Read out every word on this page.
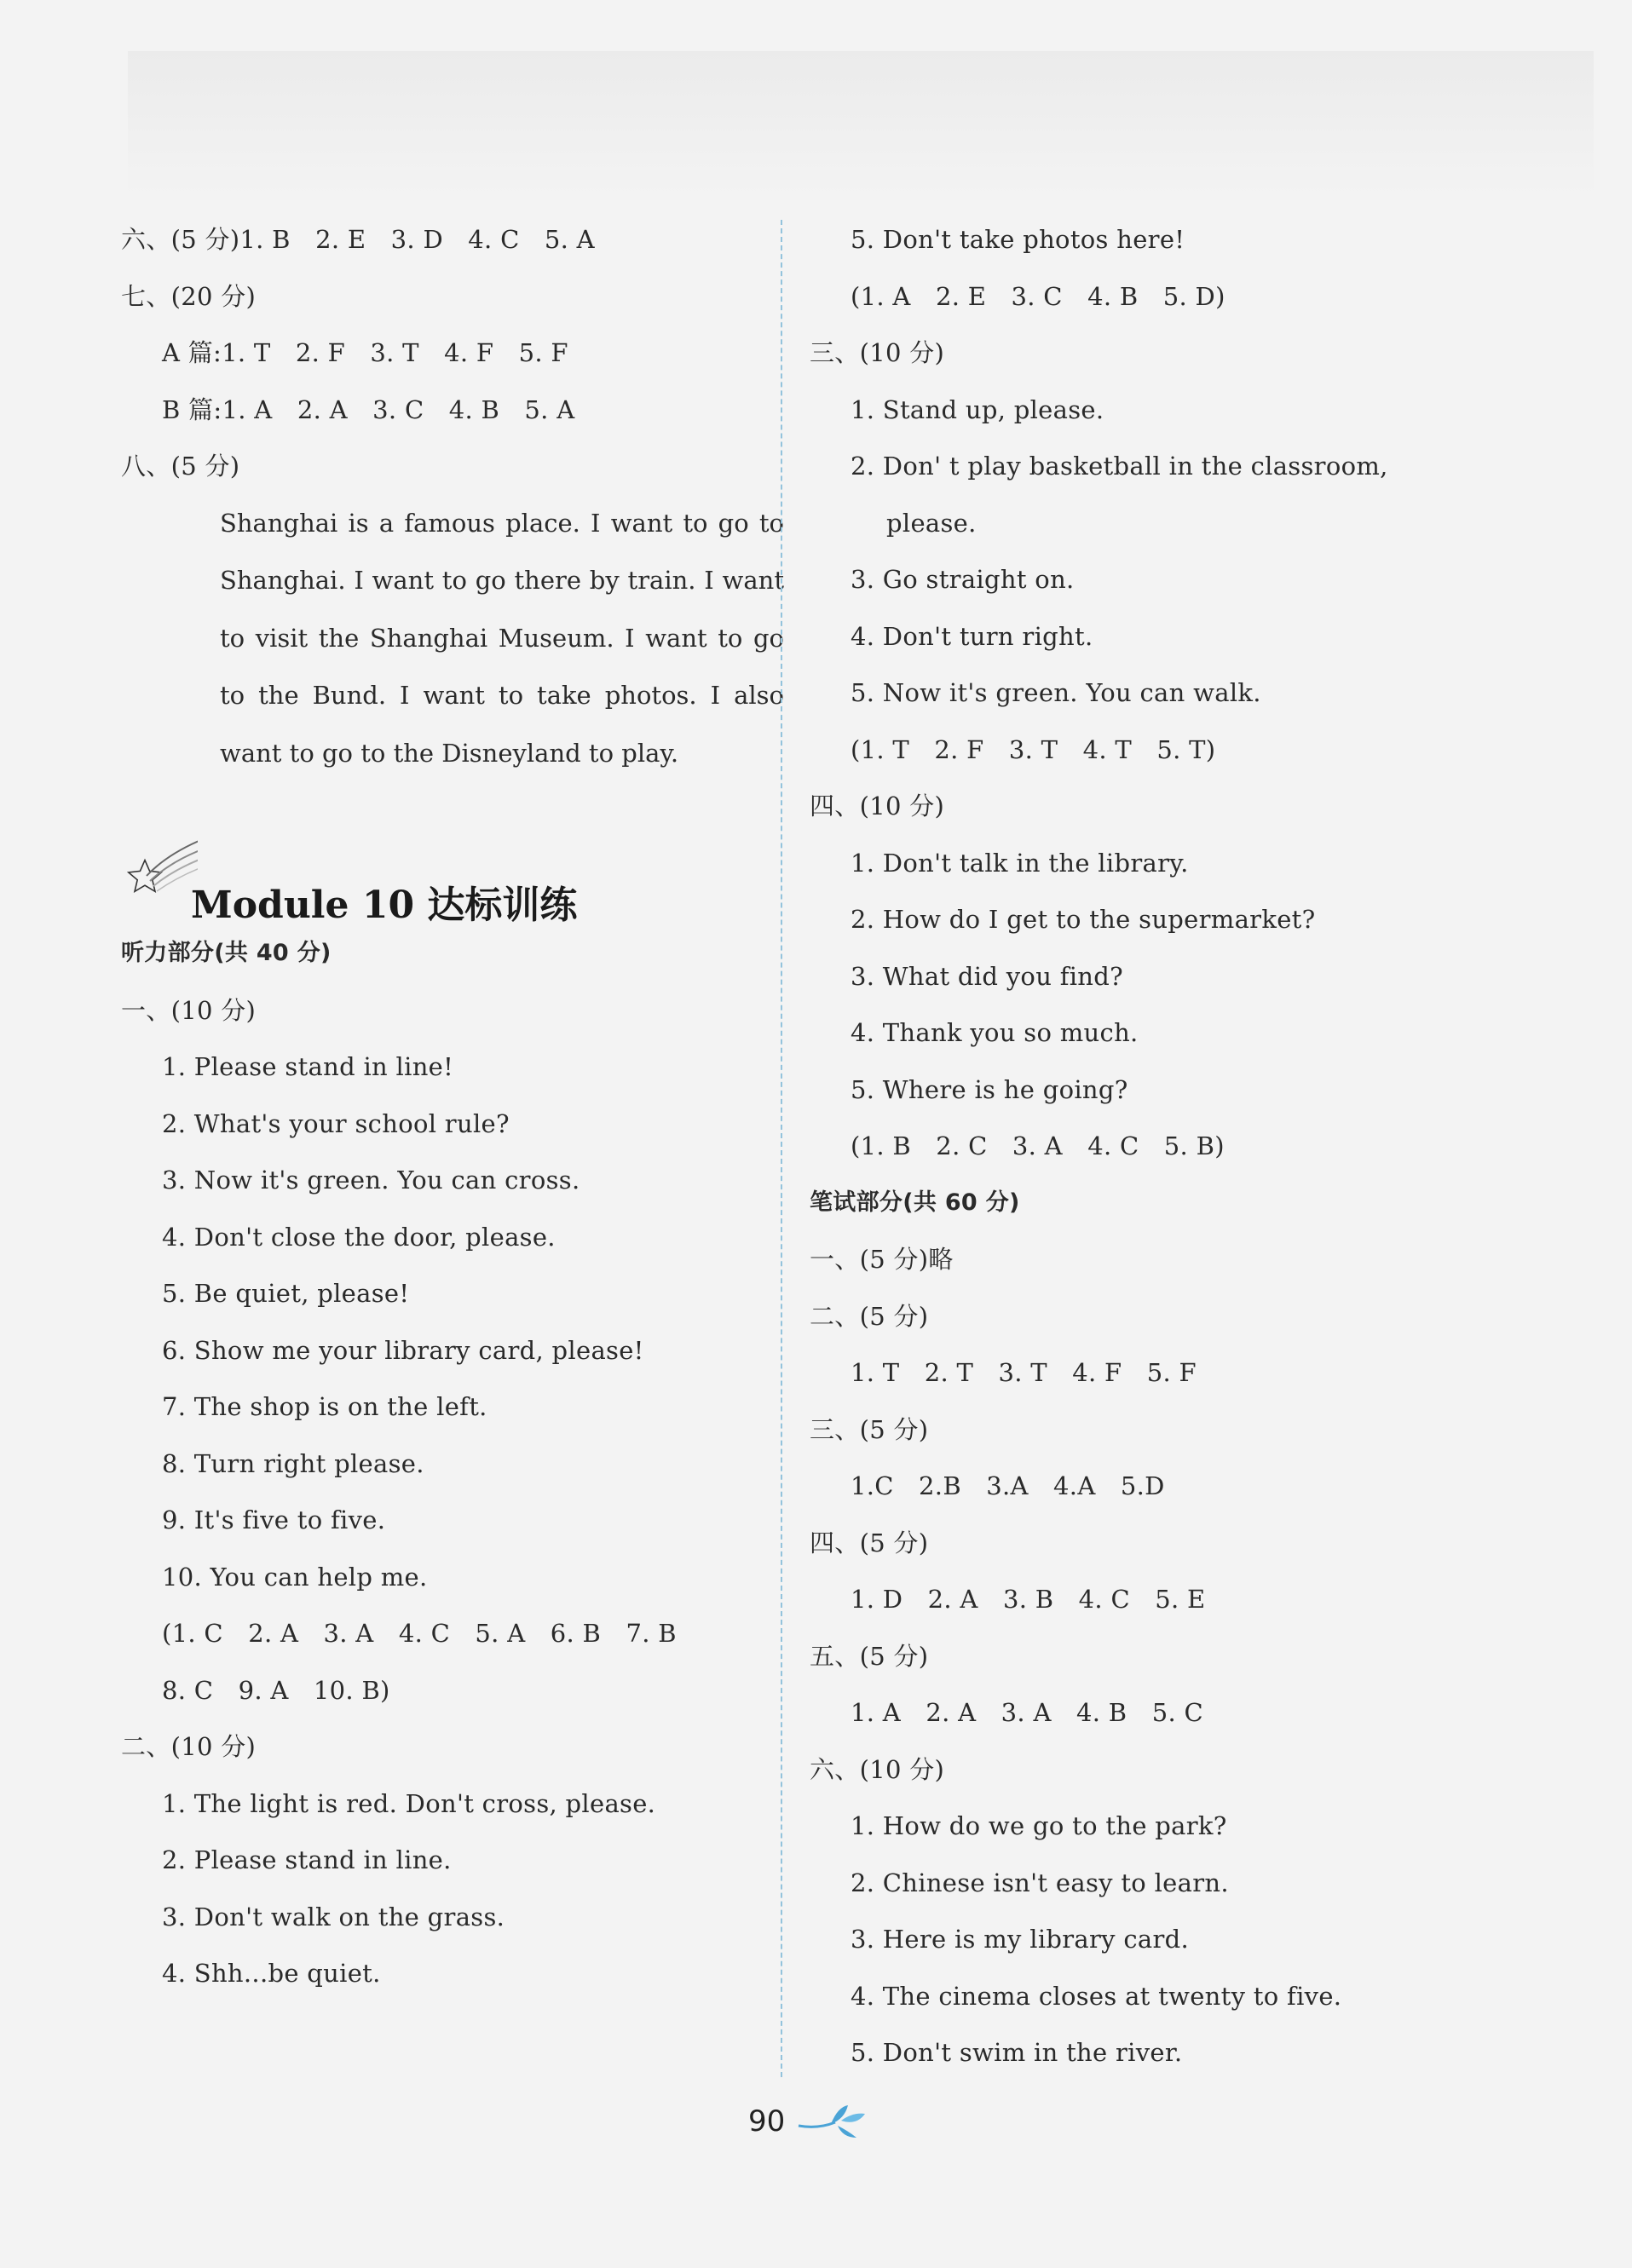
六、(5 分)1. B　2. E　3. D　4. C　5. A
七、(20 分)
A 篇:1. T　2. F　3. T　4. F　5. F
B 篇:1. A　2. A　3. C　4. B　5. A
八、(5 分)
Shanghai is a famous place. I want to go to Shanghai. I want to go there by train. I want to visit the Shanghai Museum. I want to go to the Bund. I want to take photos. I also want to go to the Disneyland to play.
Module 10 达标训练
听力部分(共 40 分)
一、(10 分)
1. Please stand in line!
2. What's your school rule?
3. Now it's green. You can cross.
4. Don't close the door, please.
5. Be quiet, please!
6. Show me your library card, please!
7. The shop is on the left.
8. Turn right please.
9. It's five to five.
10. You can help me.
(1. C　2. A　3. A　4. C　5. A　6. B　7. B
8. C　9. A　10. B)
二、(10 分)
1. The light is red. Don't cross, please.
2. Please stand in line.
3. Don't walk on the grass.
4. Shh...be quiet.
5. Don't take photos here!
(1. A　2. E　3. C　4. B　5. D)
三、(10 分)
1. Stand up, please.
2. Don' t play basketball in the classroom,
please.
3. Go straight on.
4. Don't turn right.
5. Now it's green. You can walk.
(1. T　2. F　3. T　4. T　5. T)
四、(10 分)
1. Don't talk in the library.
2. How do I get to the supermarket?
3. What did you find?
4. Thank you so much.
5. Where is he going?
(1. B　2. C　3. A　4. C　5. B)
笔试部分(共 60 分)
一、(5 分)略
二、(5 分)
1. T　2. T　3. T　4. F　5. F
三、(5 分)
1.C　2.B　3.A　4.A　5.D
四、(5 分)
1. D　2. A　3. B　4. C　5. E
五、(5 分)
1. A　2. A　3. A　4. B　5. C
六、(10 分)
1. How do we go to the park?
2. Chinese isn't easy to learn.
3. Here is my library card.
4. The cinema closes at twenty to five.
5. Don't swim in the river.
90
